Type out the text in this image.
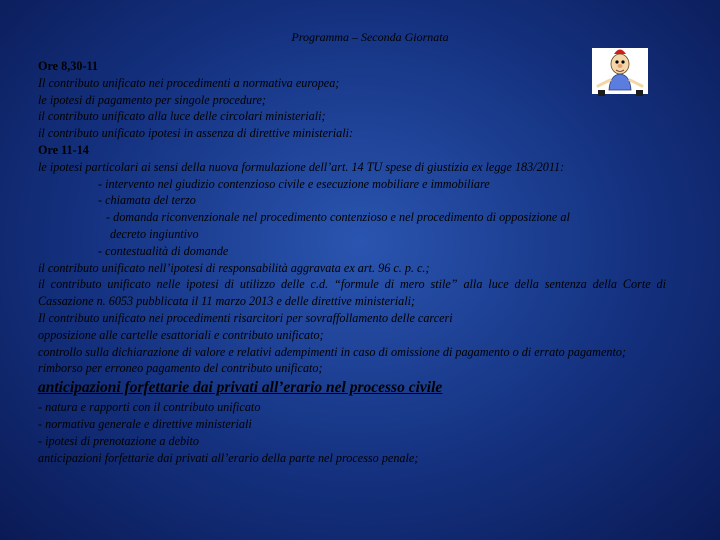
Programma – Seconda Giornata
Ore 8,30-11
Il contributo unificato nei procedimenti a normativa europea;
le ipotesi di pagamento per singole procedure;
il contributo unificato alla luce delle circolari ministeriali;
il contributo unificato ipotesi in assenza di direttive ministeriali:
Ore 11-14
le ipotesi particolari ai sensi della nuova formulazione dell’art. 14 TU spese di giustizia ex legge 183/2011:
- intervento nel giudizio contenzioso civile e esecuzione mobiliare e immobiliare
- chiamata del terzo
- domanda riconvenzionale nel procedimento contenzioso e nel procedimento di opposizione al
decreto ingiuntivo
- contestualità di domande
il contributo unificato nell’ipotesi di responsabilità aggravata ex art. 96 c. p. c.;
il contributo unificato nelle ipotesi di utilizzo delle c.d. “formule di mero stile” alla luce della sentenza della Corte di Cassazione n. 6053 pubblicata il 11 marzo 2013 e delle direttive ministeriali;
Il contributo unificato nei procedimenti risarcitori per sovraffollamento delle carceri
opposizione alle cartelle esattoriali e contributo unificato;
controllo sulla dichiarazione di valore e relativi adempimenti in caso di omissione di pagamento o di errato pagamento;
rimborso per erroneo pagamento del contributo unificato;
anticipazioni forfettarie dai privati all’erario nel processo civile
- natura e rapporti con il contributo unificato
- normativa generale e direttive ministeriali
- ipotesi di prenotazione a debito
anticipazioni forfettarie dai privati all’erario della parte nel processo penale;
